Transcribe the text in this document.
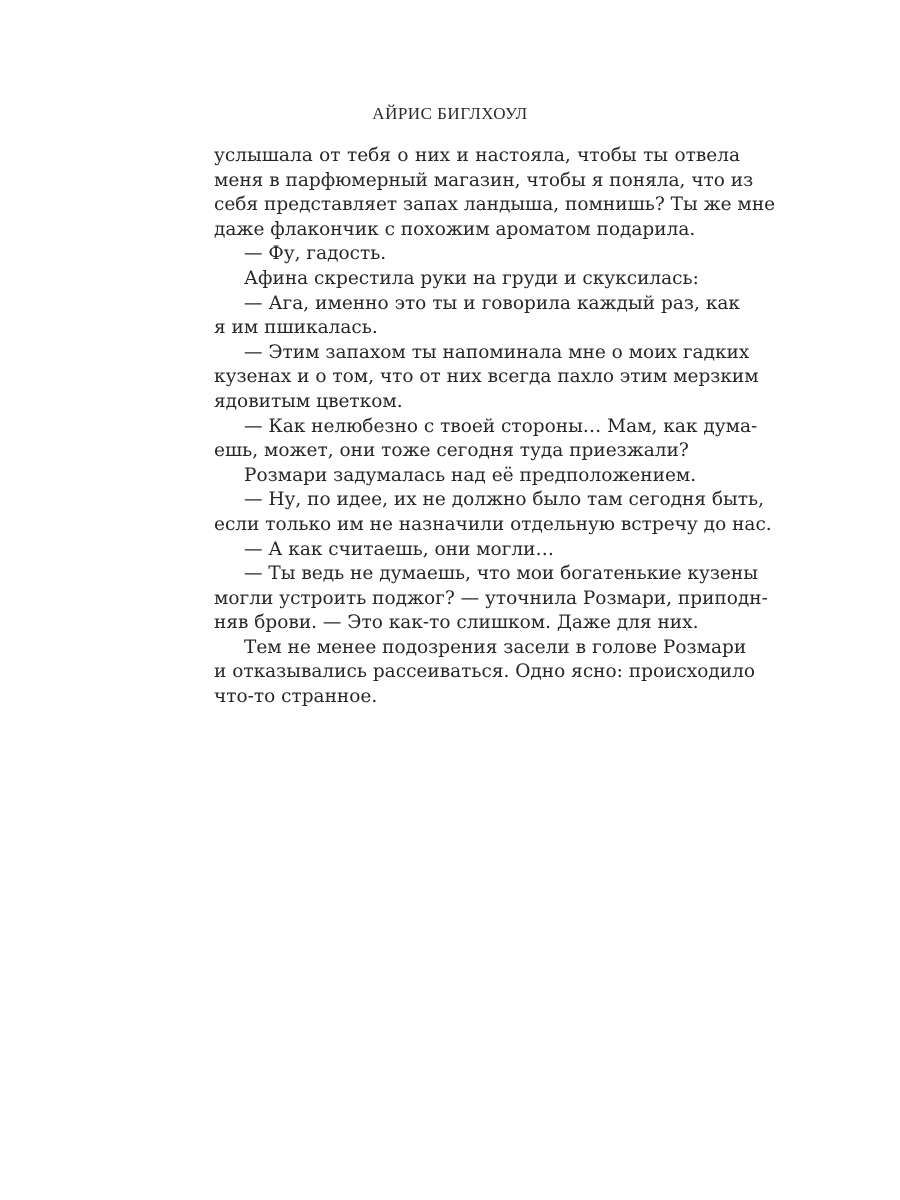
АЙРИС БИГЛХОУЛ
услышала от тебя о них и настояла, чтобы ты отвела
меня в парфюмерный магазин, чтобы я поняла, что из
себя представляет запах ландыша, помнишь? Ты же мне
даже флакончик с похожим ароматом подарила.
— Фу, гадость.
Афина скрестила руки на груди и скуксилась:
— Ага, именно это ты и говорила каждый раз, как
я им пшикалась.
— Этим запахом ты напоминала мне о моих гадких
кузенах и о том, что от них всегда пахло этим мерзким
ядовитым цветком.
— Как нелюбезно с твоей стороны… Мам, как дума-
ешь, может, они тоже сегодня туда приезжали?
Розмари задумалась над её предположением.
— Ну, по идее, их не должно было там сегодня быть,
если только им не назначили отдельную встречу до нас.
— А как считаешь, они могли…
— Ты ведь не думаешь, что мои богатенькие кузены
могли устроить поджог? — уточнила Розмари, приподн-
няв брови. — Это как-то слишком. Даже для них.
Тем не менее подозрения засели в голове Розмари
и отказывались рассеиваться. Одно ясно: происходило
что-то странное.
